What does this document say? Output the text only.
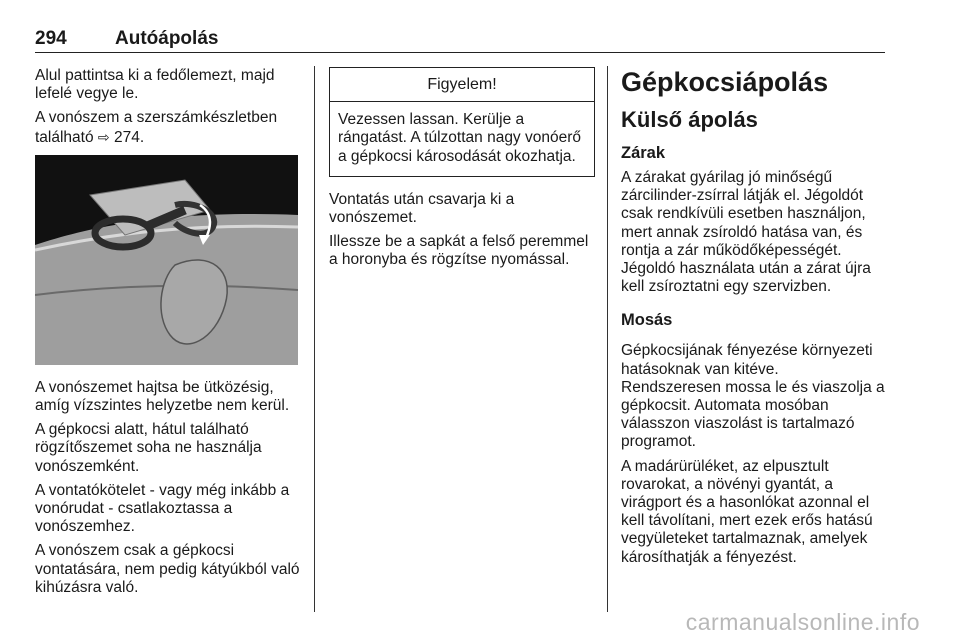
294	Autóápolás

Alul pattintsa ki a fedőlemezt, majd lefelé vegye le.

A vonószem a szerszámkészletben található ⇨ 274.

A vonószemet hajtsa be ütközésig, amíg vízszintes helyzetbe nem kerül.

A gépkocsi alatt, hátul található rögzítőszemet soha ne használja vonószemként.

A vontatókötelet - vagy még inkább a vonórudat - csatlakoztassa a vonószemhez.

A vonószem csak a gépkocsi vontatására, nem pedig kátyúkból való kihúzásra való.

Figyelem!
Vezessen lassan. Kerülje a rángatást. A túlzottan nagy vonóerő a gépkocsi károsodását okozhatja.

Vontatás után csavarja ki a vonószemet.

Illessze be a sapkát a felső peremmel a horonyba és rögzítse nyomással.

Gépkocsiápolás
Külső ápolás
Zárak

A zárakat gyárilag jó minőségű zárcilinder-zsírral látják el. Jégoldót csak rendkívüli esetben használjon, mert annak zsíroldó hatása van, és rontja a zár működőképességét. Jégoldó használata után a zárat újra kell zsíroztatni egy szervizben.

Mosás

Gépkocsijának fényezése környezeti hatásoknak van kitéve.

Rendszeresen mossa le és viaszolja a gépkocsit. Automata mosóban válasszon viaszolást is tartalmazó programot.

A madárürüléket, az elpusztult rovarokat, a növényi gyantát, a virágport és a hasonlókat azonnal el kell távolítani, mert ezek erős hatású vegyületeket tartalmaznak, amelyek károsíthatják a fényezést.

carmanualsonline.info
